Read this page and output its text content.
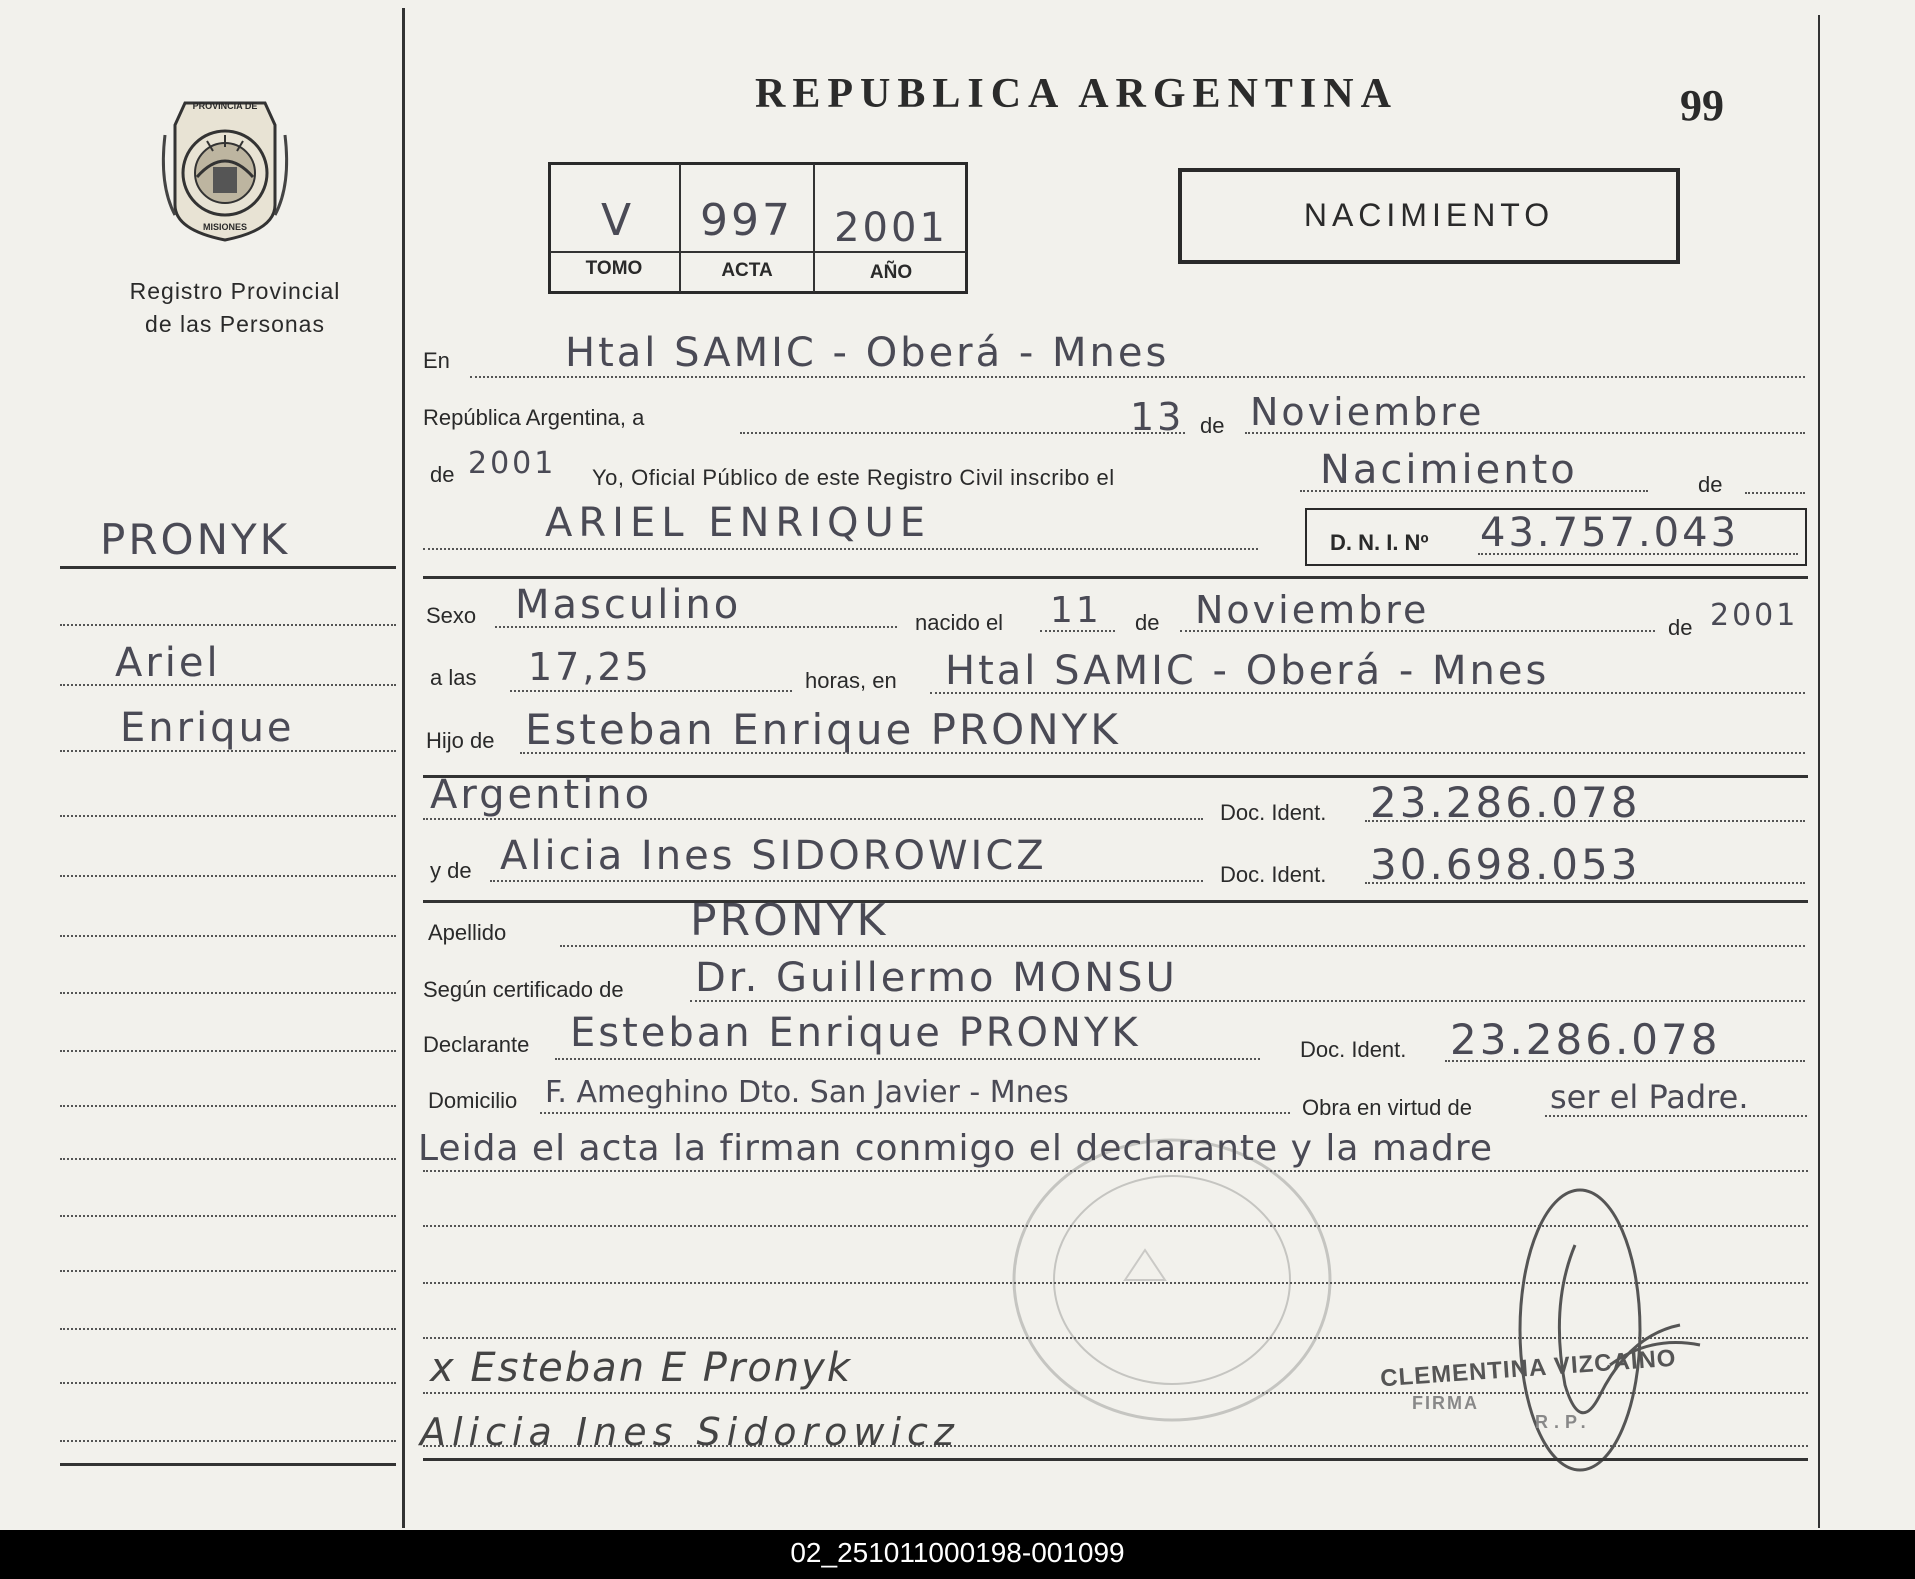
PROVINCIA DE
MISIONES
Registro Provincial
de las Personas
PRONYK
Ariel
Enrique
REPUBLICA ARGENTINA	99
V	997	2001
TOMO	ACTA	AÑO
NACIMIENTO
En	Htal SAMIC - Oberá - Mnes
República Argentina, a	13 de Noviembre
de 2001 Yo, Oficial Público de este Registro Civil inscribo el	Nacimiento	de
ARIEL ENRIQUE	D. N. I. Nº 43.757.043
Sexo Masculino	nacido el 11 de Noviembre	de 2001
a las 17,25	horas, en Htal SAMIC - Oberá - Mnes
Hijo de Esteban Enrique PRONYK
Argentino	Doc. Ident. 23.286.078
y de Alicia Ines SIDOROWICZ	Doc. Ident. 30.698.053
Apellido	PRONYK
Según certificado de Dr. Guillermo MONSU
Declarante Esteban Enrique PRONYK	Doc. Ident. 23.286.078
Domicilio F. Ameghino Dto. San Javier - Mnes	Obra en virtud de ser el Padre.
Leida el acta la firman conmigo el declarante y la madre
x Esteban E Pronyk
Alicia Ines Sidorowicz
CLEMENTINA VIZCAINO
FIRMA
R.P.
02_251011000198-001099
